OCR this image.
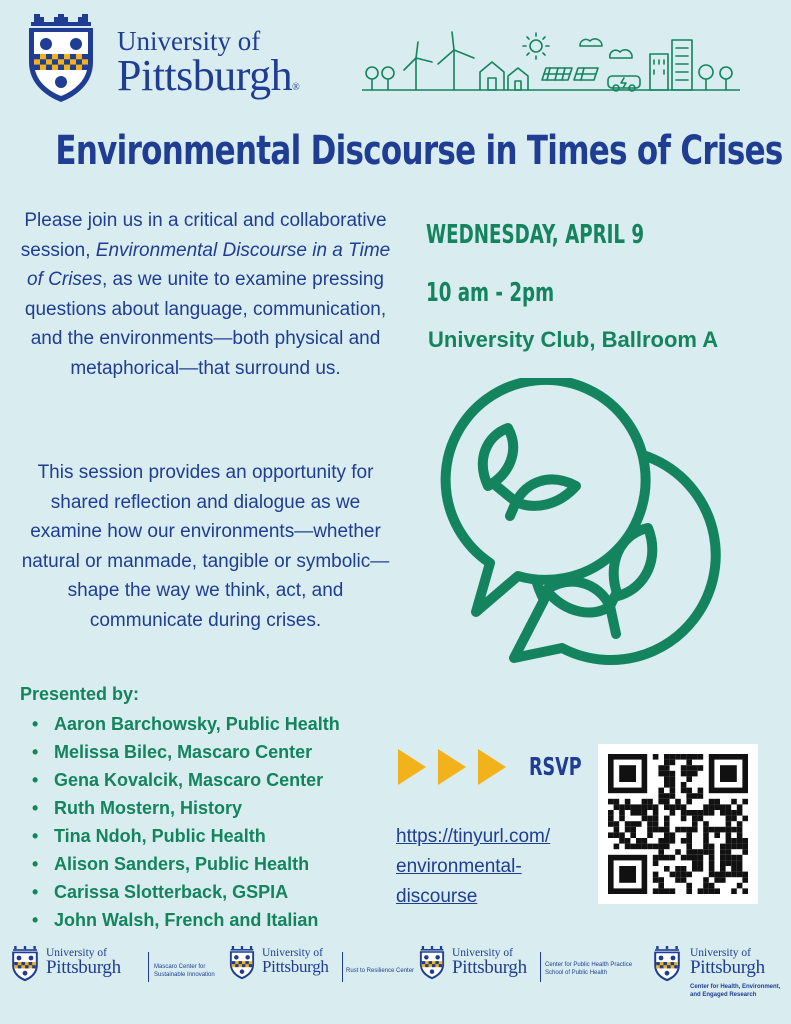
University of
Pittsburgh®
Environmental Discourse in Times of Crises
Please join us in a critical and collaborative session, Environmental Discourse in a Time of Crises, as we unite to examine pressing questions about language, communication, and the environments—both physical and metaphorical—that surround us.
This session provides an opportunity for shared reflection and dialogue as we examine how our environments—whether natural or manmade, tangible or symbolic—shape the way we think, act, and communicate during crises.
WEDNESDAY, APRIL 9
10 am - 2pm
University Club, Ballroom A
Presented by:
• Aaron Barchowsky, Public Health
• Melissa Bilec, Mascaro Center
• Gena Kovalcik, Mascaro Center
• Ruth Mostern, History
• Tina Ndoh, Public Health
• Alison Sanders, Public Health
• Carissa Slotterback, GSPIA
• John Walsh, French and Italian
RSVP
https://tinyurl.com/
environmental-
discourse
University of
Pittsburgh	Mascaro Center for
Sustainable Innovation
University of
Pittsburgh	Rust to Resilience Center
University of
Pittsburgh	Center for Public Health Practice
School of Public Health
University of
Pittsburgh
Center for Health, Environment,
and Engaged Research
